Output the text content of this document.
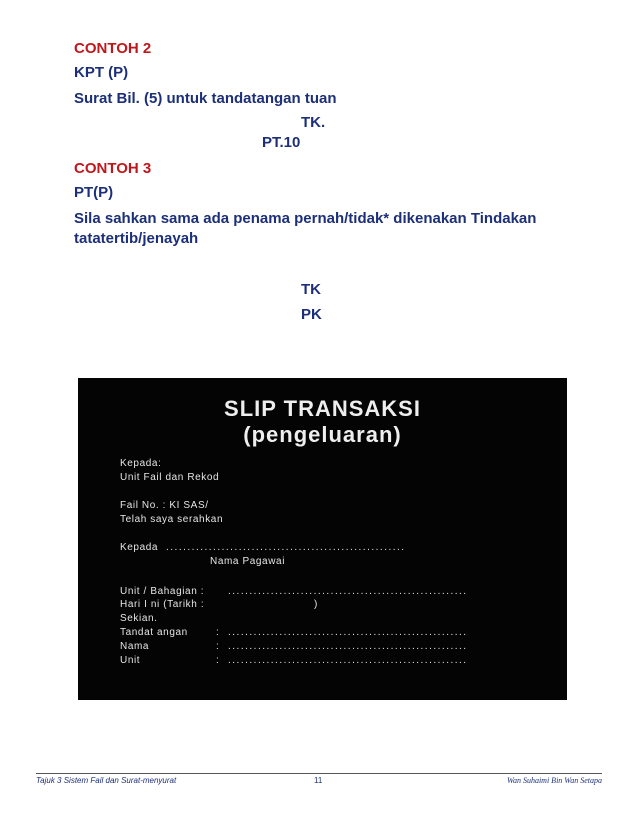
CONTOH 2
KPT (P)
Surat Bil. (5) untuk tandatangan tuan
TK.
PT.10
CONTOH 3
PT(P)
Sila sahkan sama ada penama pernah/tidak* dikenakan Tindakan
tatatertib/jenayah
TK
PK
SLIP TRANSAKSI
(pengeluaran)
Kepada:
Unit Fail dan Rekod
Fail No. : KI SAS/
Telah saya serahkan
Kepada ........................................................
Nama Pagawai
Unit / Bahagian : ........................................................
Hari I ni (Tarikh :	)
Sekian.
Tandat angan	: ........................................................
Nama	: ........................................................
Unit	: ........................................................
Tajuk 3 Sistem Fail dan Surat-menyurat	11	Wan Suhaimi Bin Wan Setapa
